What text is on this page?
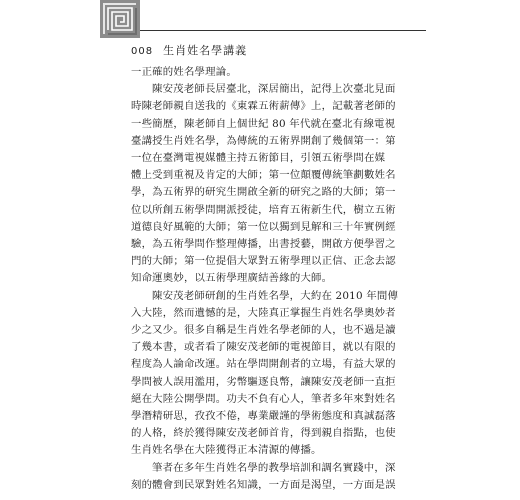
008 生肖姓名學講義
一正確的姓名學理論。
陳安茂老師長居臺北，深居簡出，記得上次臺北見面
時陳老師親自送我的《東霖五術薪傳》上，記載著老師的
一些簡歷，陳老師自上個世紀 80 年代就在臺北有線電視
臺講授生肖姓名學，為傳統的五術界開創了幾個第一：第
一位在臺灣電視媒體主持五術節目，引領五術學問在媒
體上受到重視及肯定的大師；第一位顛覆傳統筆劃數姓名
學，為五術界的研究生開啟全新的研究之路的大師；第一
位以所創五術學問開派授徒，培育五術新生代，樹立五術
道德良好風範的大師；第一位以獨到見解和三十年實例經
驗，為五術學問作整理傳播，出書授藝，開啟方便學習之
門的大師；第一位提倡大眾對五術學理以正信、正念去認
知命運奧妙，以五術學理廣結善緣的大師。
陳安茂老師研創的生肖姓名學，大約在 2010 年間傳
入大陸，然而遺憾的是，大陸真正掌握生肖姓名學奧妙者
少之又少。很多自稱是生肖姓名學老師的人，也不過是讀
了幾本書，或者看了陳安茂老師的電視節目，就以有限的
程度為人論命改運。站在學問開創者的立場，有益大眾的
學問被人誤用濫用，劣幣驅逐良幣，讓陳安茂老師一直拒
絕在大陸公開學問。功夫不負有心人，筆者多年來對姓名
學潛精研思，孜孜不倦，專業嚴謹的學術態度和真誠磊落
的人格，終於獲得陳安茂老師首肯，得到親自指點，也使
生肖姓名學在大陸獲得正本清源的傳播。
筆者在多年生肖姓名學的教學培訓和調名實踐中，深
刻的體會到民眾對姓名知識，一方面是渴望，一方面是誤
